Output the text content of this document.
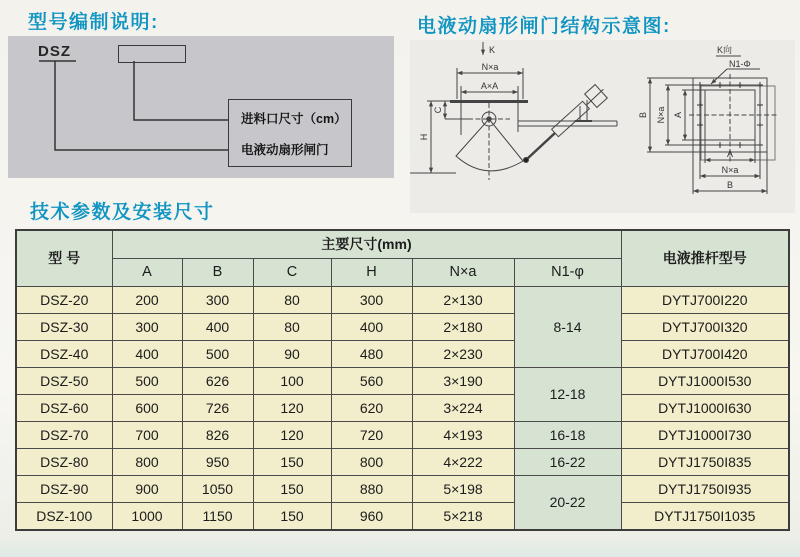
型号编制说明:	电液动扇形闸门结构示意图:
技术参数及安装尺寸
DSZ
进料口尺寸（cm）
电液动扇形闸门
K
N×a
A×A
H
C
K向
N1-Φ
B N×a A
A
N×a
B
型 号	主要尺寸(mm)						电液推杆型号
	A	B	C	H	N×a	N1-φ	
DSZ-20	200	300	80	300	2×130	8-14	DYTJ700I220
DSZ-30	300	400	80	400	2×180		DYTJ700I320
DSZ-40	400	500	90	480	2×230		DYTJ700I420
DSZ-50	500	626	100	560	3×190	12-18	DYTJ1000I530
DSZ-60	600	726	120	620	3×224		DYTJ1000I630
DSZ-70	700	826	120	720	4×193	16-18	DYTJ1000I730
DSZ-80	800	950	150	800	4×222	16-22	DYTJ1750I835
DSZ-90	900	1050	150	880	5×198	20-22	DYTJ1750I935
DSZ-100	1000	1150	150	960	5×218		DYTJ1750I1035
